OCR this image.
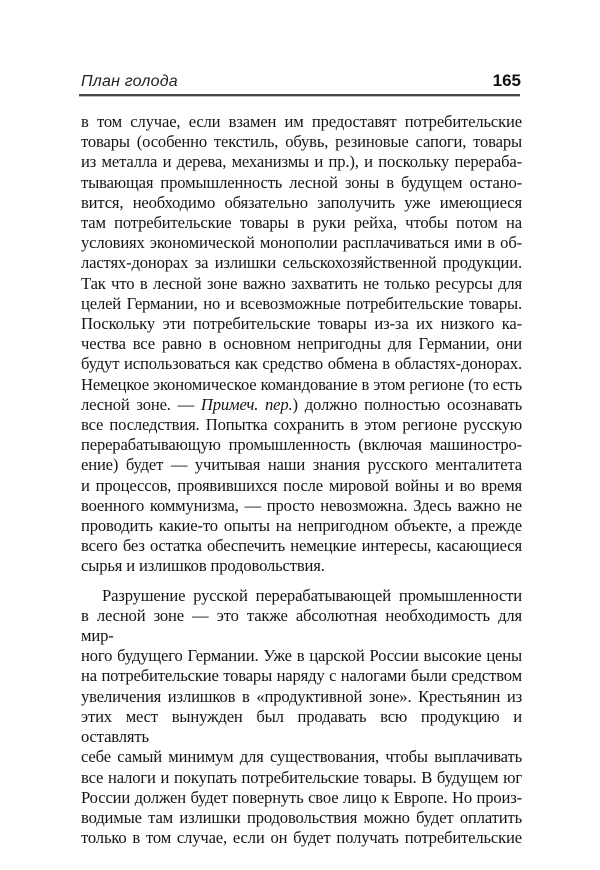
План голода	165
в том случае, если взамен им предоставят потребительские
товары (особенно текстиль, обувь, резиновые сапоги, товары
из металла и дерева, механизмы и пр.), и поскольку перераба-
тывающая промышленность лесной зоны в будущем остано-
вится, необходимо обязательно заполучить уже имеющиеся
там потребительские товары в руки рейха, чтобы потом на
условиях экономической монополии расплачиваться ими в об-
ластях-донорах за излишки сельскохозяйственной продукции.
Так что в лесной зоне важно захватить не только ресурсы для
целей Германии, но и всевозможные потребительские товары.
Поскольку эти потребительские товары из-за их низкого ка-
чества все равно в основном непригодны для Германии, они
будут использоваться как средство обмена в областях-донорах.
Немецкое экономическое командование в этом регионе (то есть
лесной зоне. — Примеч. пер.) должно полностью осознавать
все последствия. Попытка сохранить в этом регионе русскую
перерабатывающую промышленность (включая машиностро-
ение) будет — учитывая наши знания русского менталитета
и процессов, проявившихся после мировой войны и во время
военного коммунизма, — просто невозможна. Здесь важно не
проводить какие-то опыты на непригодном объекте, а прежде
всего без остатка обеспечить немецкие интересы, касающиеся
сырья и излишков продовольствия.
Разрушение русской перерабатывающей промышленности
в лесной зоне — это также абсолютная необходимость для мир-
ного будущего Германии. Уже в царской России высокие цены
на потребительские товары наряду с налогами были средством
увеличения излишков в «продуктивной зоне». Крестьянин из
этих мест вынужден был продавать всю продукцию и оставлять
себе самый минимум для существования, чтобы выплачивать
все налоги и покупать потребительские товары. В будущем юг
России должен будет повернуть свое лицо к Европе. Но произ-
водимые там излишки продовольствия можно будет оплатить
только в том случае, если он будет получать потребительские
